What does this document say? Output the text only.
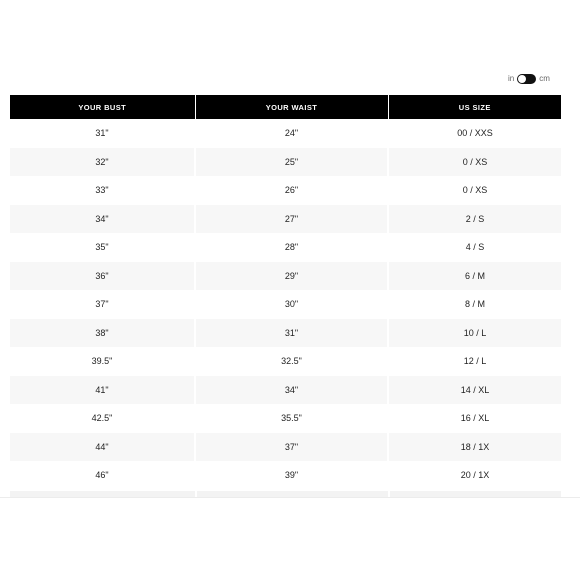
in	cm
YOUR BUST	YOUR WAIST	US SIZE
31"	24"	00 / XXS
32"	25"	0 / XS
33"	26"	0 / XS
34"	27"	2 / S
35"	28"	4 / S
36"	29"	6 / M
37"	30"	8 / M
38"	31"	10 / L
39.5"	32.5"	12 / L
41"	34"	14 / XL
42.5"	35.5"	16 / XL
44"	37"	18 / 1X
46"	39"	20 / 1X
